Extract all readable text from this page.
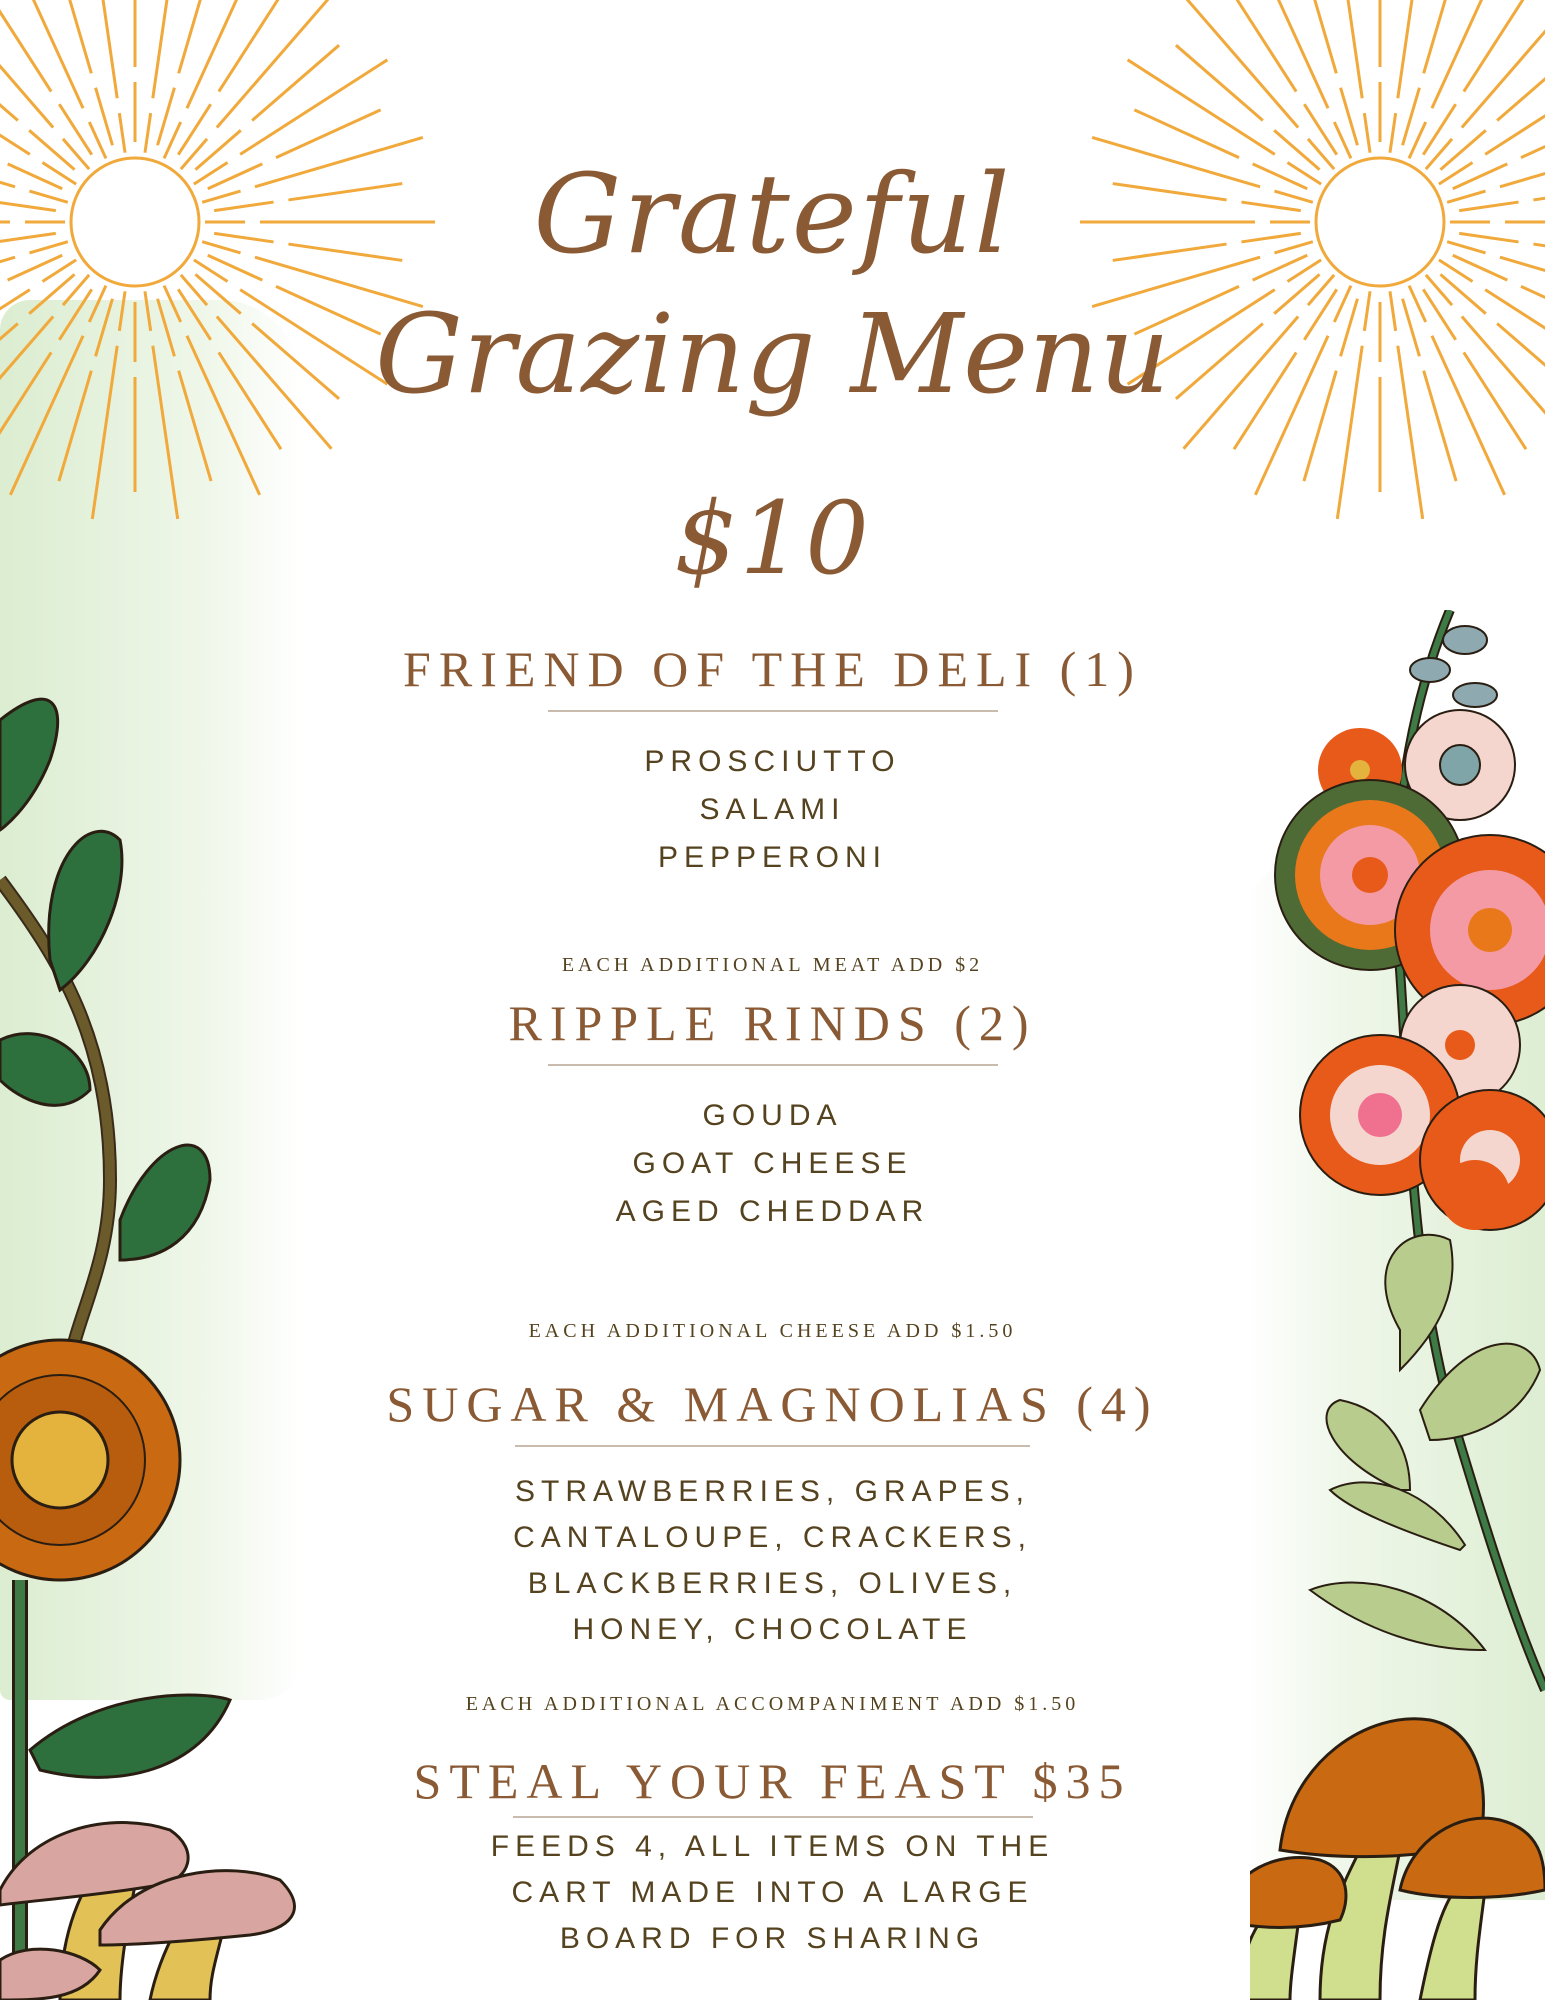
Grateful
Grazing Menu
$10
FRIEND OF THE DELI (1)
PROSCIUTTO
SALAMI
PEPPERONI
EACH ADDITIONAL MEAT ADD $2
RIPPLE RINDS (2)
GOUDA
GOAT CHEESE
AGED CHEDDAR
EACH ADDITIONAL CHEESE ADD $1.50
SUGAR & MAGNOLIAS (4)
STRAWBERRIES, GRAPES,
CANTALOUPE, CRACKERS,
BLACKBERRIES, OLIVES,
HONEY, CHOCOLATE
EACH ADDITIONAL ACCOMPANIMENT ADD $1.50
STEAL YOUR FEAST $35
FEEDS 4, ALL ITEMS ON THE
CART MADE INTO A LARGE
BOARD FOR SHARING
